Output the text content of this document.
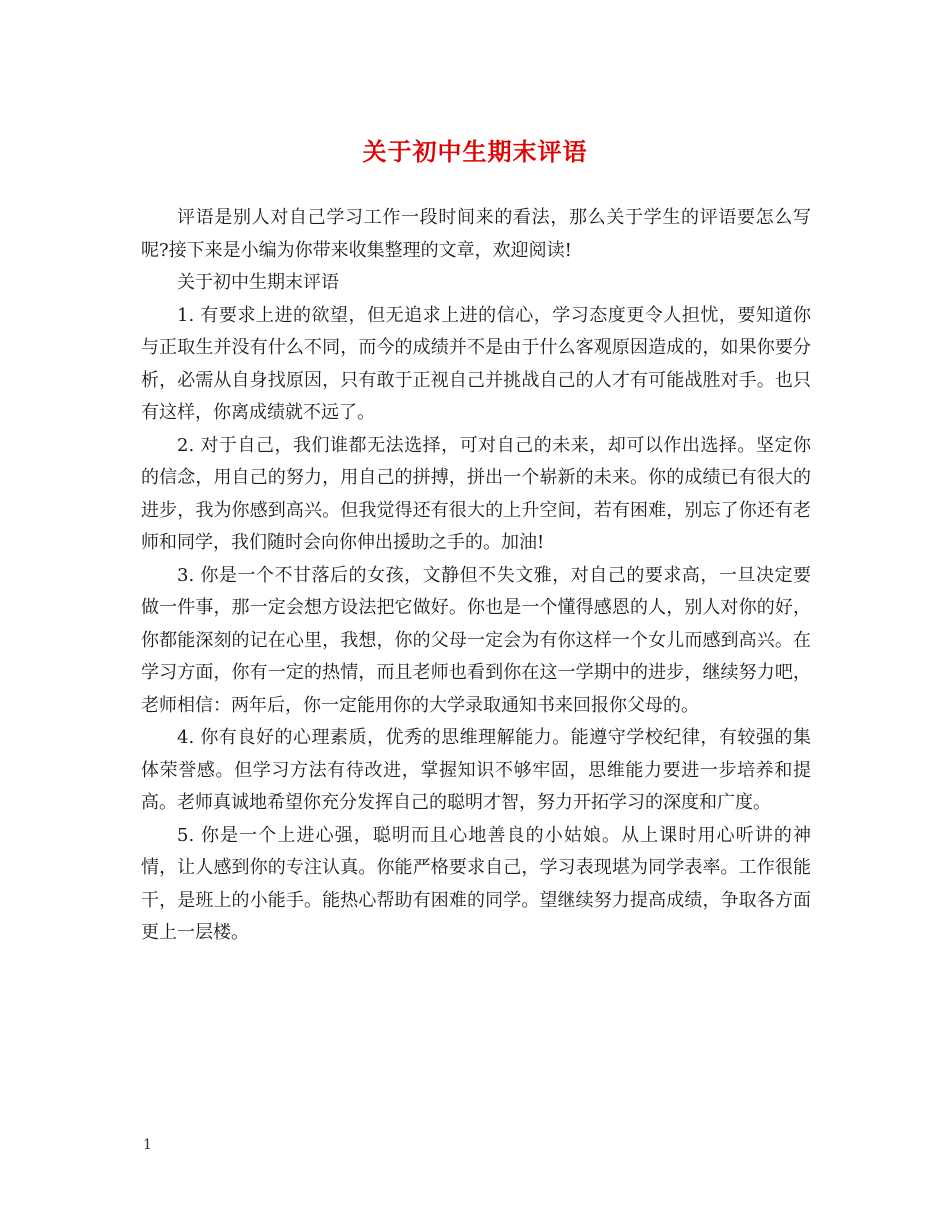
关于初中生期末评语

评语是别人对自己学习工作一段时间来的看法，那么关于学生的评语要怎么写呢?接下来是小编为你带来收集整理的文章，欢迎阅读!

关于初中生期末评语

1. 有要求上进的欲望，但无追求上进的信心，学习态度更令人担忧，要知道你与正取生并没有什么不同，而今的成绩并不是由于什么客观原因造成的，如果你要分析，必需从自身找原因，只有敢于正视自己并挑战自己的人才有可能战胜对手。也只有这样，你离成绩就不远了。

2. 对于自己，我们谁都无法选择，可对自己的未来，却可以作出选择。坚定你的信念，用自己的努力，用自己的拼搏，拼出一个崭新的未来。你的成绩已有很大的进步，我为你感到高兴。但我觉得还有很大的上升空间，若有困难，别忘了你还有老师和同学，我们随时会向你伸出援助之手的。加油!

3. 你是一个不甘落后的女孩，文静但不失文雅，对自己的要求高，一旦决定要做一件事，那一定会想方设法把它做好。你也是一个懂得感恩的人，别人对你的好，你都能深刻的记在心里，我想，你的父母一定会为有你这样一个女儿而感到高兴。在学习方面，你有一定的热情，而且老师也看到你在这一学期中的进步，继续努力吧，老师相信：两年后，你一定能用你的大学录取通知书来回报你父母的。

4. 你有良好的心理素质，优秀的思维理解能力。能遵守学校纪律，有较强的集体荣誉感。但学习方法有待改进，掌握知识不够牢固，思维能力要进一步培养和提高。老师真诚地希望你充分发挥自己的聪明才智，努力开拓学习的深度和广度。

5. 你是一个上进心强，聪明而且心地善良的小姑娘。从上课时用心听讲的神情，让人感到你的专注认真。你能严格要求自己，学习表现堪为同学表率。工作很能干，是班上的小能手。能热心帮助有困难的同学。望继续努力提高成绩，争取各方面更上一层楼。

1
